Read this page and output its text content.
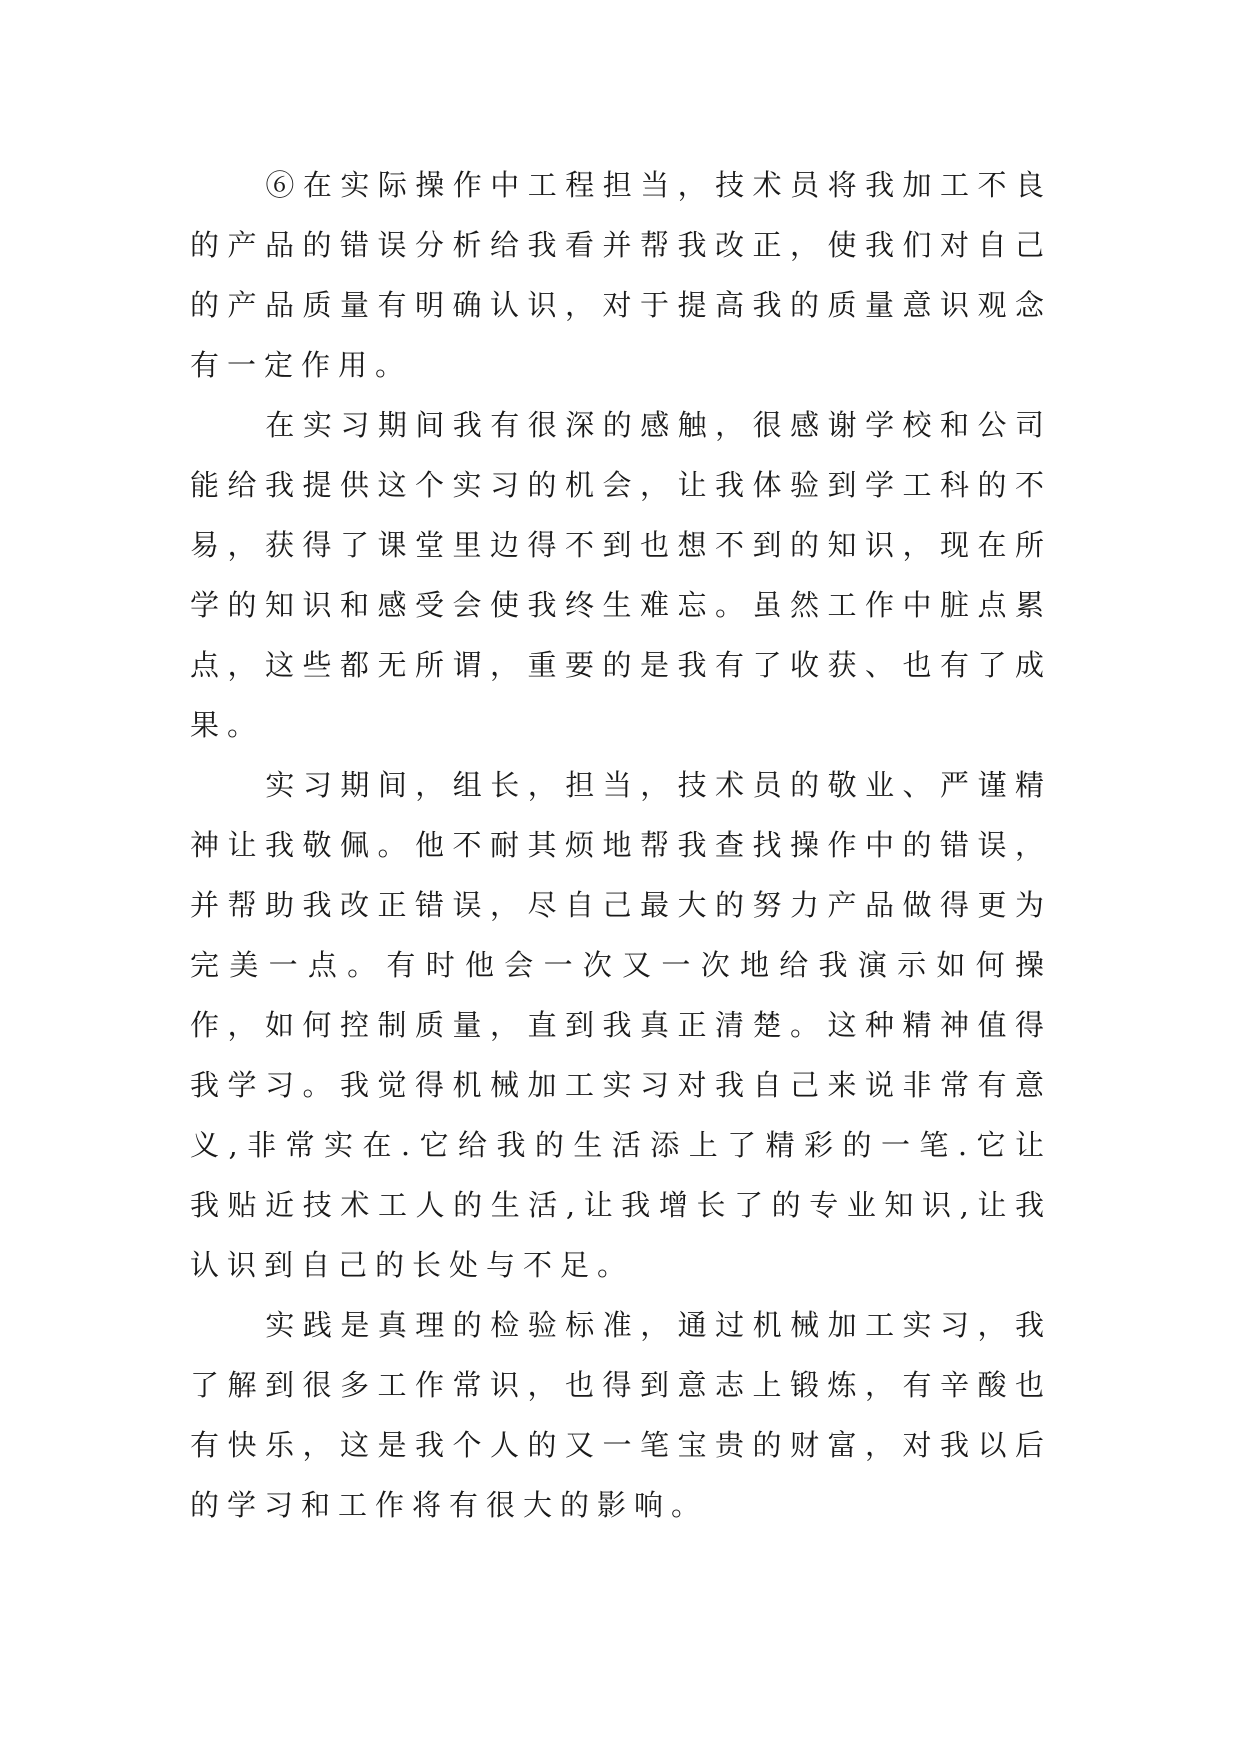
⑥在实际操作中工程担当，技术员将我加工不良的产品的错误分析给我看并帮我改正，使我们对自己的产品质量有明确认识，对于提高我的质量意识观念有一定作用。

在实习期间我有很深的感触，很感谢学校和公司能给我提供这个实习的机会，让我体验到学工科的不易，获得了课堂里边得不到也想不到的知识，现在所学的知识和感受会使我终生难忘。虽然工作中脏点累点，这些都无所谓，重要的是我有了收获、也有了成果。

实习期间，组长，担当，技术员的敬业、严谨精神让我敬佩。他不耐其烦地帮我查找操作中的错误，并帮助我改正错误，尽自己最大的努力产品做得更为完美一点。有时他会一次又一次地给我演示如何操作，如何控制质量，直到我真正清楚。这种精神值得我学习。我觉得机械加工实习对我自己来说非常有意义,非常实在.它给我的生活添上了精彩的一笔.它让我贴近技术工人的生活,让我增长了的专业知识,让我认识到自己的长处与不足。

实践是真理的检验标准，通过机械加工实习，我了解到很多工作常识，也得到意志上锻炼，有辛酸也有快乐，这是我个人的又一笔宝贵的财富，对我以后的学习和工作将有很大的影响。
